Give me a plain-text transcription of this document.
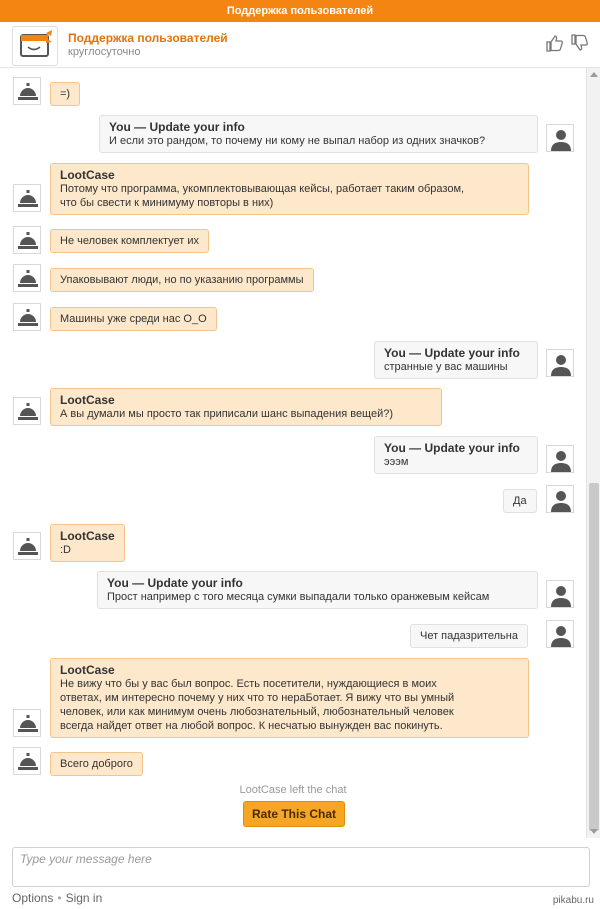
Поддержка пользователей
Поддержка пользователей
круглосуточно
=)
You — Update your info
И если это рандом, то почему ни кому не выпал набор из одних значков?
LootCase
Потому что программа, укомплектовывающая кейсы, работает таким образом,
что бы свести к минимуму повторы в них)
Не человек комплектует их
Упаковывают люди, но по указанию программы
Машины уже среди нас О_О
You — Update your info
странные у вас машины
LootCase
А вы думали мы просто так приписали шанс выпадения вещей?)
You — Update your info
эээм
Да
LootCase
:D
You — Update your info
Прост например с того месяца сумки выпадали только оранжевым кейсам
Чет падазрительна
LootCase
Не вижу что бы у вас был вопрос. Есть посетители, нуждающиеся в моих
ответах, им интересно почему у них что то нераБотает. Я вижу что вы умный
человек, или как минимум очень любознательный, любознательный человек
всегда найдет ответ на любой вопрос. К несчатью вынужден вас покинуть.
Всего доброго
LootCase left the chat
Rate This Chat
Type your message here
Options • Sign in	pikabu.ru
